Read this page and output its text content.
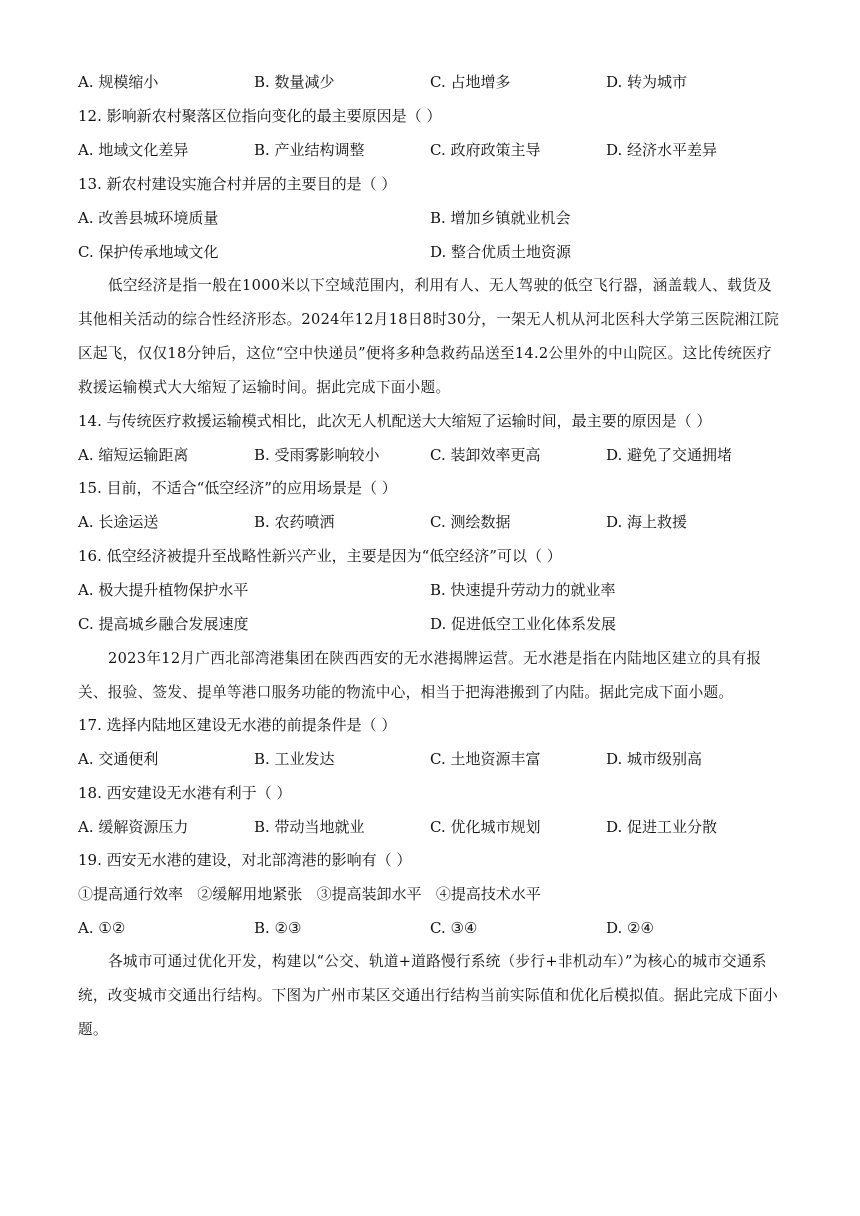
A. 规模缩小	B. 数量减少	C. 占地增多	D. 转为城市
12. 影响新农村聚落区位指向变化的最主要原因是（ ）
A. 地域文化差异	B. 产业结构调整	C. 政府政策主导	D. 经济水平差异
13. 新农村建设实施合村并居的主要目的是（ ）
A. 改善县城环境质量	B. 增加乡镇就业机会
C. 保护传承地域文化	D. 整合优质土地资源

低空经济是指一般在1000米以下空域范围内，利用有人、无人驾驶的低空飞行器，涵盖载人、载货及其他相关活动的综合性经济形态。2024年12月18日8时30分，一架无人机从河北医科大学第三医院湘江院区起飞，仅仅18分钟后，这位“空中快递员”便将多种急救药品送至14.2公里外的中山院区。这比传统医疗救援运输模式大大缩短了运输时间。据此完成下面小题。

14. 与传统医疗救援运输模式相比，此次无人机配送大大缩短了运输时间，最主要的原因是（ ）
A. 缩短运输距离	B. 受雨雾影响较小	C. 装卸效率更高	D. 避免了交通拥堵
15. 目前，不适合“低空经济”的应用场景是（ ）
A. 长途运送	B. 农药喷洒	C. 测绘数据	D. 海上救援
16. 低空经济被提升至战略性新兴产业，主要是因为“低空经济”可以（ ）
A. 极大提升植物保护水平	B. 快速提升劳动力的就业率
C. 提高城乡融合发展速度	D. 促进低空工业化体系发展

2023年12月广西北部湾港集团在陕西西安的无水港揭牌运营。无水港是指在内陆地区建立的具有报关、报验、签发、提单等港口服务功能的物流中心，相当于把海港搬到了内陆。据此完成下面小题。

17. 选择内陆地区建设无水港的前提条件是（ ）
A. 交通便利	B. 工业发达	C. 土地资源丰富	D. 城市级别高
18. 西安建设无水港有利于（ ）
A. 缓解资源压力	B. 带动当地就业	C. 优化城市规划	D. 促进工业分散
19. 西安无水港的建设，对北部湾港的影响有（ ）
①提高通行效率   ②缓解用地紧张   ③提高装卸水平   ④提高技术水平
A. ①②	B. ②③	C. ③④	D. ②④

各城市可通过优化开发，构建以“公交、轨道+道路慢行系统（步行+非机动车）”为核心的城市交通系统，改变城市交通出行结构。下图为广州市某区交通出行结构当前实际值和优化后模拟值。据此完成下面小题。
